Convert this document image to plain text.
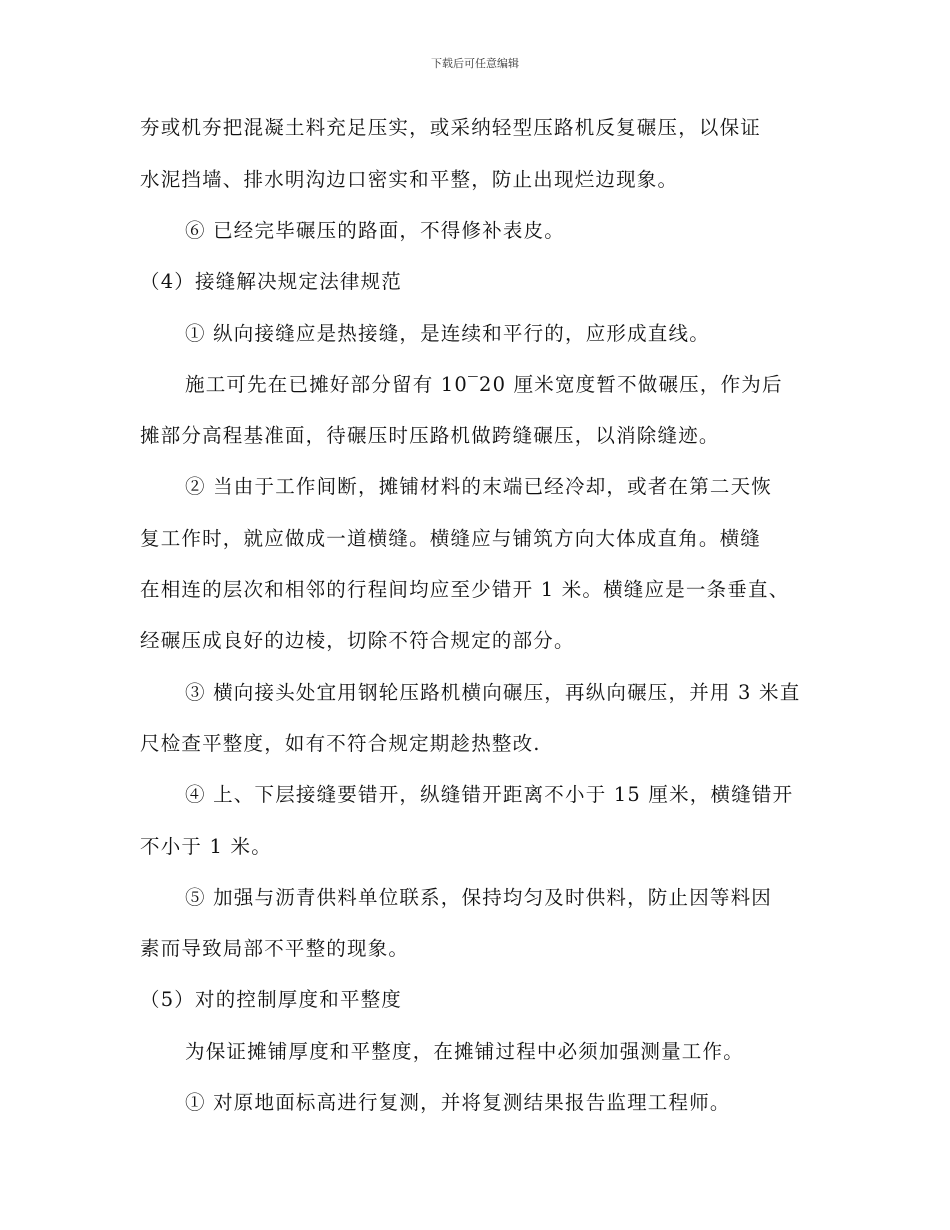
下载后可任意编辑
夯或机夯把混凝土料充足压实，或采纳轻型压路机反复碾压，以保证
水泥挡墙、排水明沟边口密实和平整，防止出现烂边现象。
⑥ 已经完毕碾压的路面，不得修补表皮。
（4）接缝解决规定法律规范
① 纵向接缝应是热接缝，是连续和平行的，应形成直线。
施工可先在已摊好部分留有 10‾20 厘米宽度暂不做碾压，作为后
摊部分高程基准面，待碾压时压路机做跨缝碾压，以消除缝迹。
② 当由于工作间断，摊铺材料的末端已经冷却，或者在第二天恢
复工作时，就应做成一道横缝。横缝应与铺筑方向大体成直角。横缝
在相连的层次和相邻的行程间均应至少错开 1 米。横缝应是一条垂直、
经碾压成良好的边棱，切除不符合规定的部分。
③ 横向接头处宜用钢轮压路机横向碾压，再纵向碾压，并用 3 米直
尺检查平整度，如有不符合规定期趁热整改.
④ 上、下层接缝要错开，纵缝错开距离不小于 15 厘米，横缝错开
不小于 1 米。
⑤ 加强与沥青供料单位联系，保持均匀及时供料，防止因等料因
素而导致局部不平整的现象。
（5）对的控制厚度和平整度
为保证摊铺厚度和平整度，在摊铺过程中必须加强测量工作。
① 对原地面标高进行复测，并将复测结果报告监理工程师。
